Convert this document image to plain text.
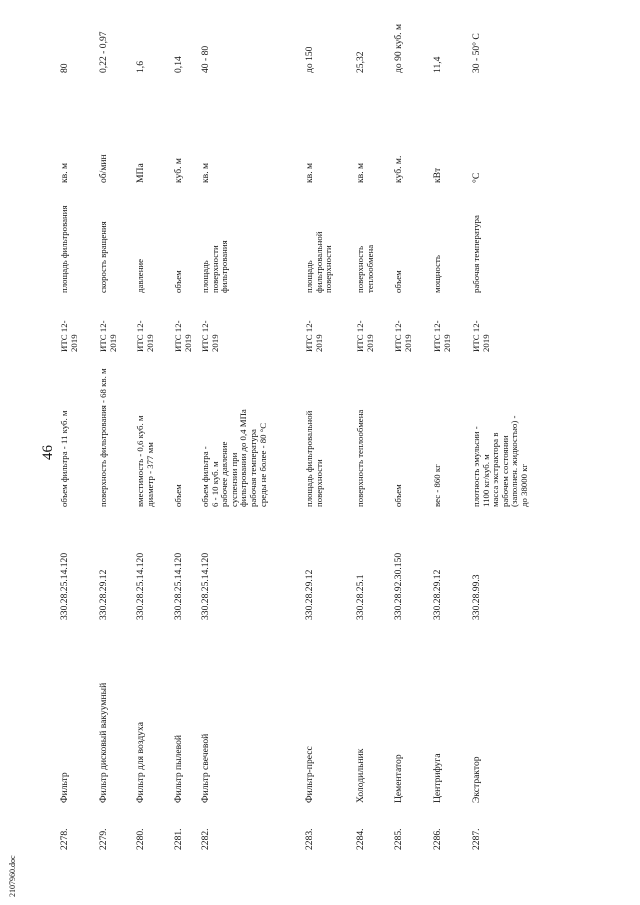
46
2278.
Фильтр
330.28.25.14.120
объем фильтра - 11 куб. м
ИТС 12-2019
площадь фильтрования
кв. м
80
2279.
Фильтр дисковый вакуумный
330.28.29.12
поверхность фильтрования - 68 кв. м
ИТС 12-2019
скорость вращения
об/мин
0,22 - 0,97
2280.
Фильтр для воздуха
330.28.25.14.120
вместимость - 0,6 куб. м
диаметр - 377 мм
ИТС 12-2019
давление
МПа
1,6
2281.
Фильтр пылевой
330.28.25.14.120
объем
ИТС 12-2019
объем
куб. м
0,14
2282.
Фильтр свечевой
330.28.25.14.120
объем фильтра -
6 - 10 куб. м
рабочее давление
суспензии при
фильтровании до 0,4 МПа
рабочая температура
среды не более - 80 °С
ИТС 12-2019
площадь
поверхности
фильтрования
кв. м
40 - 80
2283.
Фильтр-пресс
330.28.29.12
площадь фильтровальной
поверхности
ИТС 12-2019
площадь
фильтровальной
поверхности
кв. м
до 150
2284.
Холодильник
330.28.25.1
поверхность теплообмена
ИТС 12-2019
поверхность
теплообмена
кв. м
25,32
2285.
Цементатор
330.28.92.30.150
объем
ИТС 12-2019
объем
куб. м.
до 90 куб. м
2286.
Центрифуга
330.28.29.12
вес - 860 кг
ИТС 12-2019
мощность
кВт
11,4
2287.
Экстрактор
330.28.99.3
плотность эмульсии -
1100 кг/куб. м
масса экстрактора в
рабочем состоянии
(заполнен. жидкостью) -
до 38000 кг
ИТС 12-2019
рабочая температура
°С
30 - 50° С
2107960.doc
